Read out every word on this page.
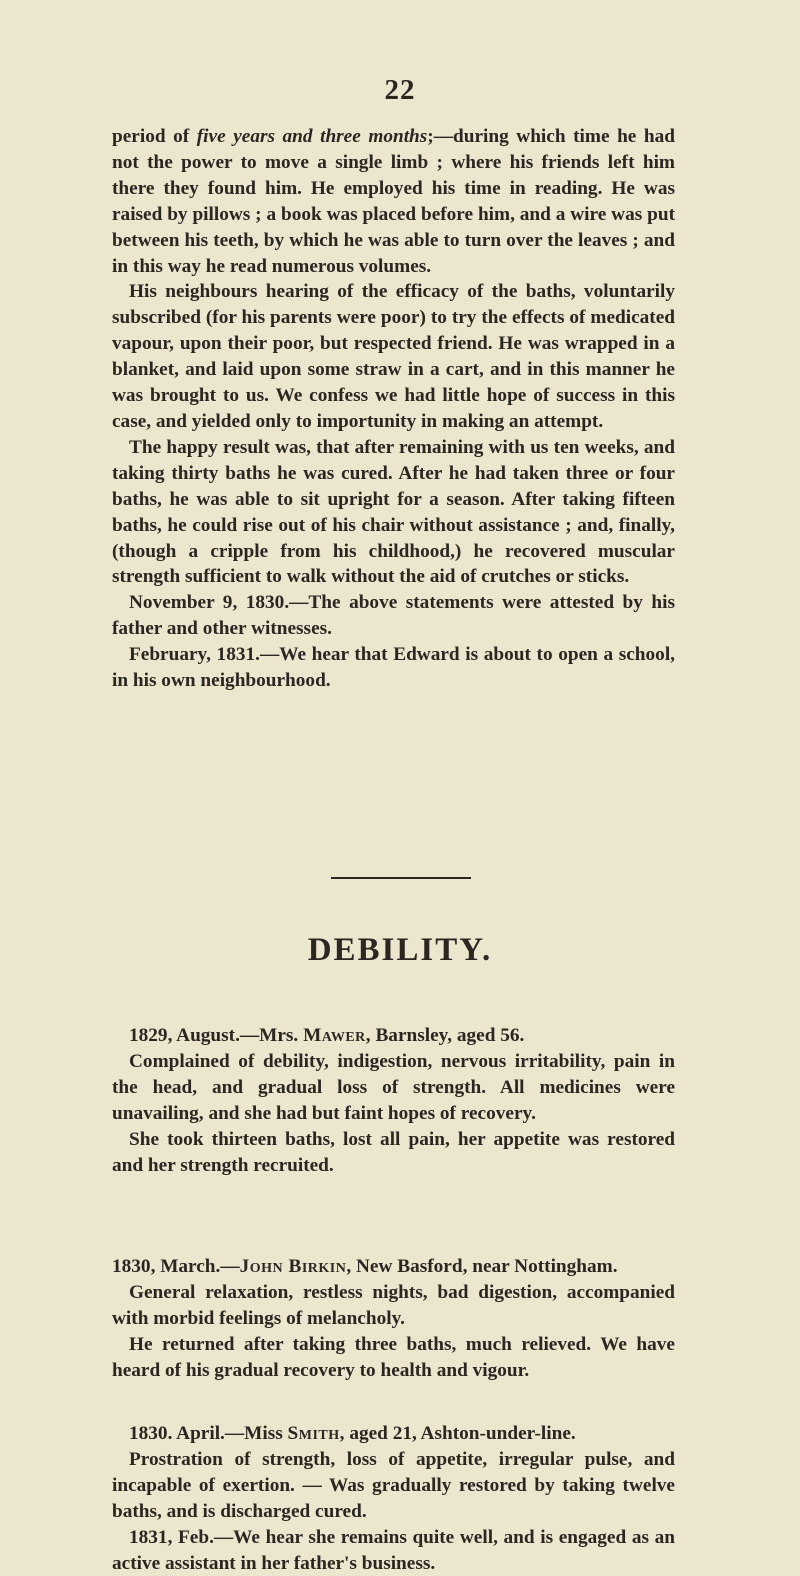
22

period of five years and three months;—during which time he had not the power to move a single limb ; where his friends left him there they found him. He employed his time in reading. He was raised by pillows ; a book was placed before him, and a wire was put between his teeth, by which he was able to turn over the leaves ; and in this way he read numerous volumes.

His neighbours hearing of the efficacy of the baths, voluntarily subscribed (for his parents were poor) to try the effects of medicated vapour, upon their poor, but respected friend. He was wrapped in a blanket, and laid upon some straw in a cart, and in this manner he was brought to us. We confess we had little hope of success in this case, and yielded only to importunity in making an attempt.

The happy result was, that after remaining with us ten weeks, and taking thirty baths he was cured. After he had taken three or four baths, he was able to sit upright for a season. After taking fifteen baths, he could rise out of his chair without assistance ; and, finally, (though a cripple from his childhood,) he recovered muscular strength sufficient to walk without the aid of crutches or sticks.

November 9, 1830.—The above statements were attested by his father and other witnesses.

February, 1831.—We hear that Edward is about to open a school, in his own neighbourhood.

DEBILITY.

1829, August.—Mrs. Mawer, Barnsley, aged 56.

Complained of debility, indigestion, nervous irritability, pain in the head, and gradual loss of strength. All medicines were unavailing, and she had but faint hopes of recovery.

She took thirteen baths, lost all pain, her appetite was restored and her strength recruited.

1830, March.—John Birkin, New Basford, near Nottingham.

General relaxation, restless nights, bad digestion, accompanied with morbid feelings of melancholy.

He returned after taking three baths, much relieved. We have heard of his gradual recovery to health and vigour.

1830. April.—Miss Smith, aged 21, Ashton-under-line.

Prostration of strength, loss of appetite, irregular pulse, and incapable of exertion. — Was gradually restored by taking twelve baths, and is discharged cured.

1831, Feb.—We hear she remains quite well, and is engaged as an active assistant in her father's business.
